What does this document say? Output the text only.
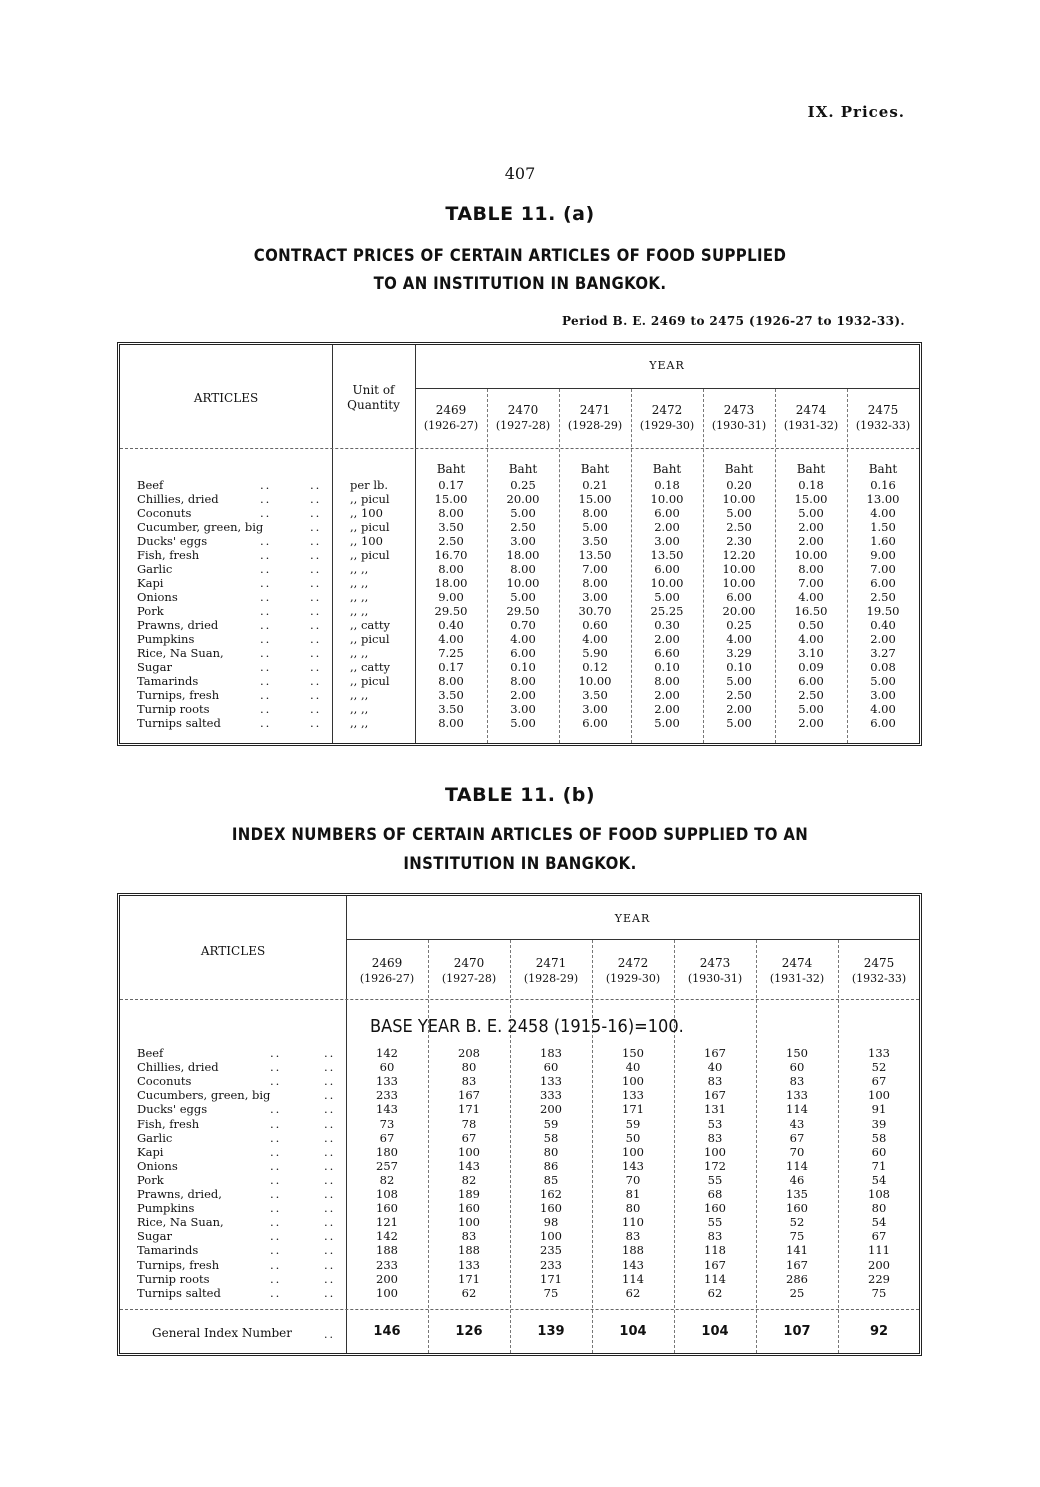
IX. Prices.
407
TABLE 11. (a)
CONTRACT PRICES OF CERTAIN ARTICLES OF FOOD SUPPLIED
TO AN INSTITUTION IN BANGKOK.
Period B. E. 2469 to 2475 (1926-27 to 1932-33).
ARTICLES
Unit of
Quantity
YEAR
2469
(1926-27)
2470
(1927-28)
2471
(1928-29)
2472
(1929-30)
2473
(1930-31)
2474
(1931-32)
2475
(1932-33)
Baht	Baht	Baht	Baht	Baht	Baht	Baht
Beef	..	.. per lb.	0.17	0.25	0.21	0.18	0.20	0.18	0.16
Chillies, dried	..	.. ,, picul	15.00	20.00	15.00	10.00	10.00	15.00	13.00
Coconuts	..	.. ,, 100	8.00	5.00	8.00	6.00	5.00	5.00	4.00
Cucumber, green, big	.. ,, picul	3.50	2.50	5.00	2.00	2.50	2.00	1.50
Ducks' eggs	..	.. ,, 100	2.50	3.00	3.50	3.00	2.30	2.00	1.60
Fish, fresh	..	.. ,, picul	16.70	18.00	13.50	13.50	12.20	10.00	9.00
Garlic	..	.. ,, ,,	8.00	8.00	7.00	6.00	10.00	8.00	7.00
Kapi	..	.. ,, ,,	18.00	10.00	8.00	10.00	10.00	7.00	6.00
Onions	..	.. ,, ,,	9.00	5.00	3.00	5.00	6.00	4.00	2.50
Pork	..	.. ,, ,,	29.50	29.50	30.70	25.25	20.00	16.50	19.50
Prawns, dried	..	.. ,, catty	0.40	0.70	0.60	0.30	0.25	0.50	0.40
Pumpkins	..	.. ,, picul	4.00	4.00	4.00	2.00	4.00	4.00	2.00
Rice, Na Suan,	..	.. ,, ,,	7.25	6.00	5.90	6.60	3.29	3.10	3.27
Sugar	..	.. ,, catty	0.17	0.10	0.12	0.10	0.10	0.09	0.08
Tamarinds	..	.. ,, picul	8.00	8.00	10.00	8.00	5.00	6.00	5.00
Turnips, fresh	..	.. ,, ,,	3.50	2.00	3.50	2.00	2.50	2.50	3.00
Turnip roots	..	.. ,, ,,	3.50	3.00	3.00	2.00	2.00	5.00	4.00
Turnips salted	..	.. ,, ,,	8.00	5.00	6.00	5.00	5.00	2.00	6.00
TABLE 11. (b)
INDEX NUMBERS OF CERTAIN ARTICLES OF FOOD SUPPLIED TO AN
INSTITUTION IN BANGKOK.
ARTICLES
YEAR
2469
(1926-27)
2470
(1927-28)
2471
(1928-29)
2472
(1929-30)
2473
(1930-31)
2474
(1931-32)
2475
(1932-33)
BASE YEAR B. E. 2458 (1915-16)=100.
Beef	..	..	142	208	183	150	167	150	133
Chillies, dried	..	..	60	80	60	40	40	60	52
Coconuts	..	..	133	83	133	100	83	83	67
Cucumbers, green, big	..	233	167	333	133	167	133	100
Ducks' eggs	..	..	143	171	200	171	131	114	91
Fish, fresh	..	..	73	78	59	59	53	43	39
Garlic	..	..	67	67	58	50	83	67	58
Kapi	..	..	180	100	80	100	100	70	60
Onions	..	..	257	143	86	143	172	114	71
Pork	..	..	82	82	85	70	55	46	54
Prawns, dried,	..	..	108	189	162	81	68	135	108
Pumpkins	..	..	160	160	160	80	160	160	80
Rice, Na Suan,	..	..	121	100	98	110	55	52	54
Sugar	..	..	142	83	100	83	83	75	67
Tamarinds	..	..	188	188	235	188	118	141	111
Turnips, fresh	..	..	233	133	233	143	167	167	200
Turnip roots	..	..	200	171	171	114	114	286	229
Turnips salted	..	..	100	62	75	62	62	25	75
General Index Number	..	146	126	139	104	104	107	92
